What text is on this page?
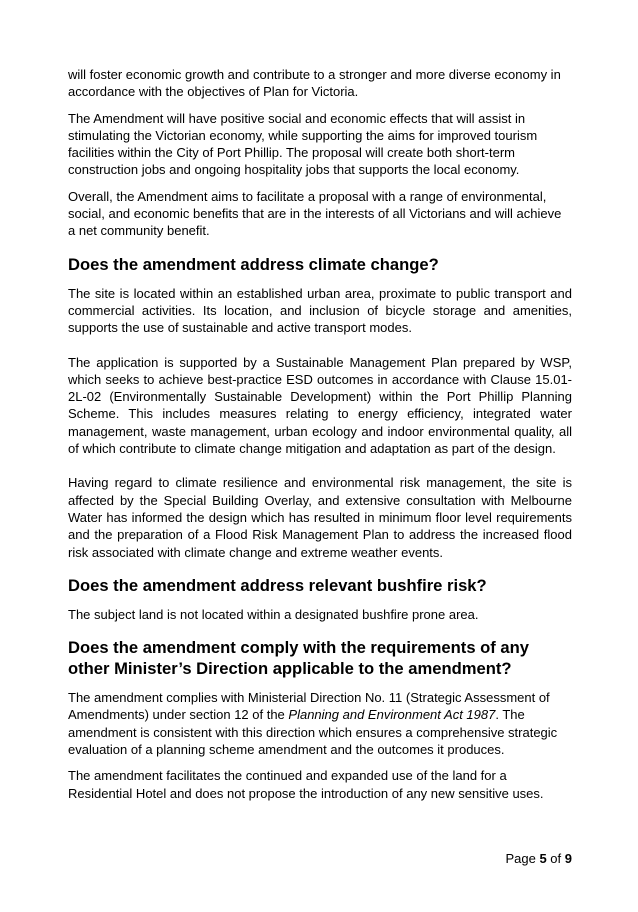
will foster economic growth and contribute to a stronger and more diverse economy in accordance with the objectives of Plan for Victoria.

The Amendment will have positive social and economic effects that will assist in stimulating the Victorian economy, while supporting the aims for improved tourism facilities within the City of Port Phillip. The proposal will create both short-term construction jobs and ongoing hospitality jobs that supports the local economy.

Overall, the Amendment aims to facilitate a proposal with a range of environmental, social, and economic benefits that are in the interests of all Victorians and will achieve a net community benefit.

Does the amendment address climate change?

The site is located within an established urban area, proximate to public transport and commercial activities. Its location, and inclusion of bicycle storage and amenities, supports the use of sustainable and active transport modes.

The application is supported by a Sustainable Management Plan prepared by WSP, which seeks to achieve best-practice ESD outcomes in accordance with Clause 15.01-2L-02 (Environmentally Sustainable Development) within the Port Phillip Planning Scheme. This includes measures relating to energy efficiency, integrated water management, waste management, urban ecology and indoor environmental quality, all of which contribute to climate change mitigation and adaptation as part of the design.

Having regard to climate resilience and environmental risk management, the site is affected by the Special Building Overlay, and extensive consultation with Melbourne Water has informed the design which has resulted in minimum floor level requirements and the preparation of a Flood Risk Management Plan to address the increased flood risk associated with climate change and extreme weather events.

Does the amendment address relevant bushfire risk?

The subject land is not located within a designated bushfire prone area.

Does the amendment comply with the requirements of any other Minister’s Direction applicable to the amendment?

The amendment complies with Ministerial Direction No. 11 (Strategic Assessment of Amendments) under section 12 of the Planning and Environment Act 1987. The amendment is consistent with this direction which ensures a comprehensive strategic evaluation of a planning scheme amendment and the outcomes it produces.

The amendment facilitates the continued and expanded use of the land for a Residential Hotel and does not propose the introduction of any new sensitive uses.

Page 5 of 9
